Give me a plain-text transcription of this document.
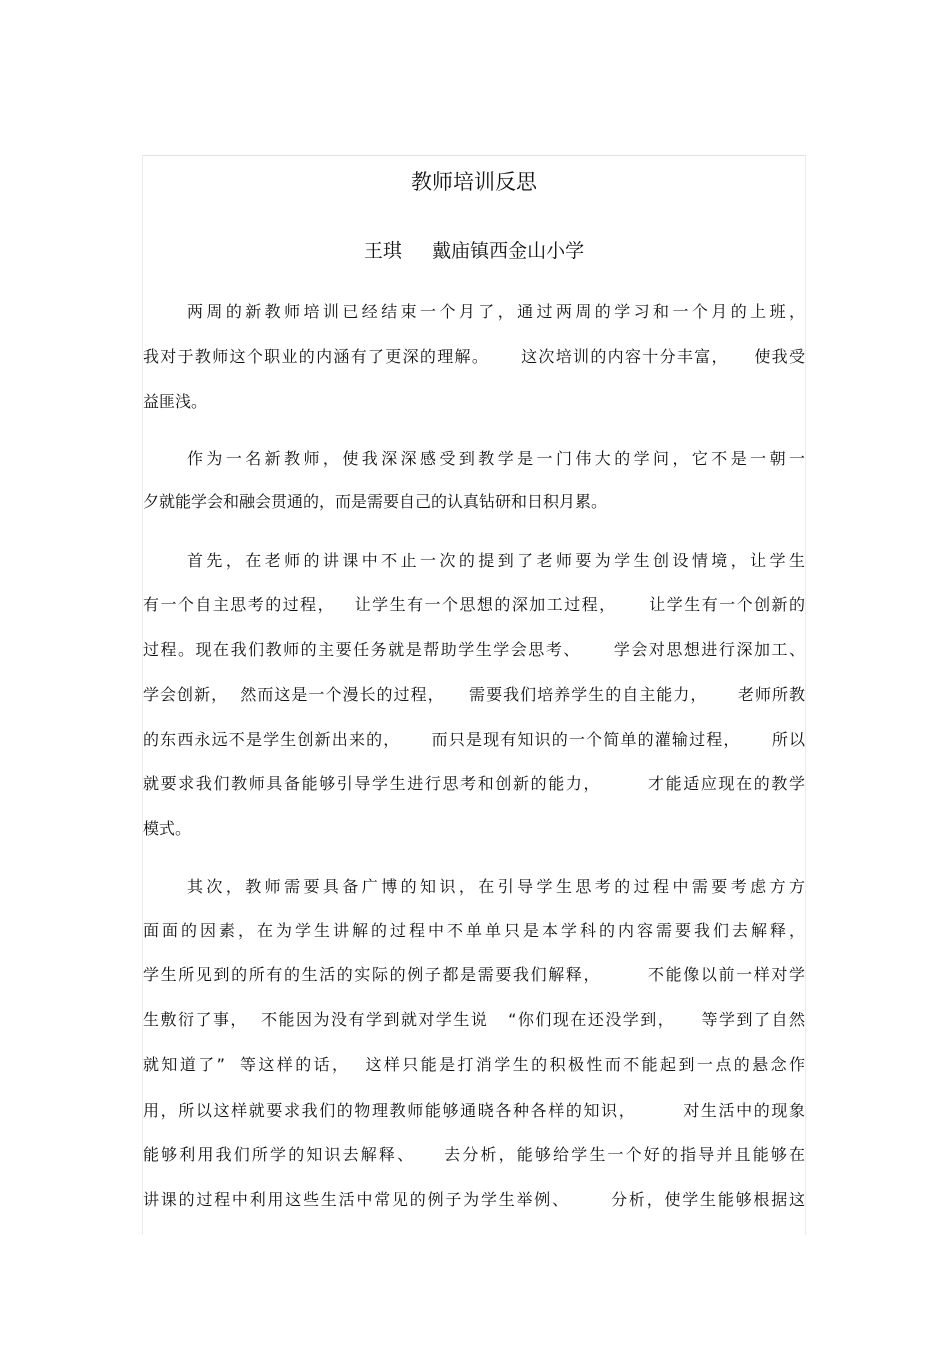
教师培训反思
王琪     戴庙镇西金山小学
两周的新教师培训已经结束一个月了，通过两周的学习和一个月的上班，
我对于教师这个职业的内涵有了更深的理解。     这次培训的内容十分丰富，    使我受
益匪浅。
作为一名新教师，使我深深感受到教学是一门伟大的学问，它不是一朝一
夕就能学会和融会贯通的，而是需要自己的认真钻研和日积月累。
首先，在老师的讲课中不止一次的提到了老师要为学生创设情境，让学生
有一个自主思考的过程，   让学生有一个思想的深加工过程，     让学生有一个创新的
过程。现在我们教师的主要任务就是帮助学生学会思考、     学会对思想进行深加工、
学会创新，  然而这是一个漫长的过程，    需要我们培养学生的自主能力，     老师所教
的东西永远不是学生创新出来的，     而只是现有知识的一个简单的灌输过程，     所以
就要求我们教师具备能够引导学生进行思考和创新的能力，       才能适应现在的教学
模式。
其次，教师需要具备广博的知识，在引导学生思考的过程中需要考虑方方
面面的因素，在为学生讲解的过程中不单单只是本学科的内容需要我们去解释，
学生所见到的所有的生活的实际的例子都是需要我们解释，       不能像以前一样对学
生敷衍了事，  不能因为没有学到就对学生说   “你们现在还没学到，    等学到了自然
就知道了”  等这样的话，  这样只能是打消学生的积极性而不能起到一点的悬念作
用，所以这样就要求我们的物理教师能够通晓各种各样的知识，       对生活中的现象
能够利用我们所学的知识去解释、    去分析，能够给学生一个好的指导并且能够在
讲课的过程中利用这些生活中常见的例子为学生举例、      分析，使学生能够根据这
